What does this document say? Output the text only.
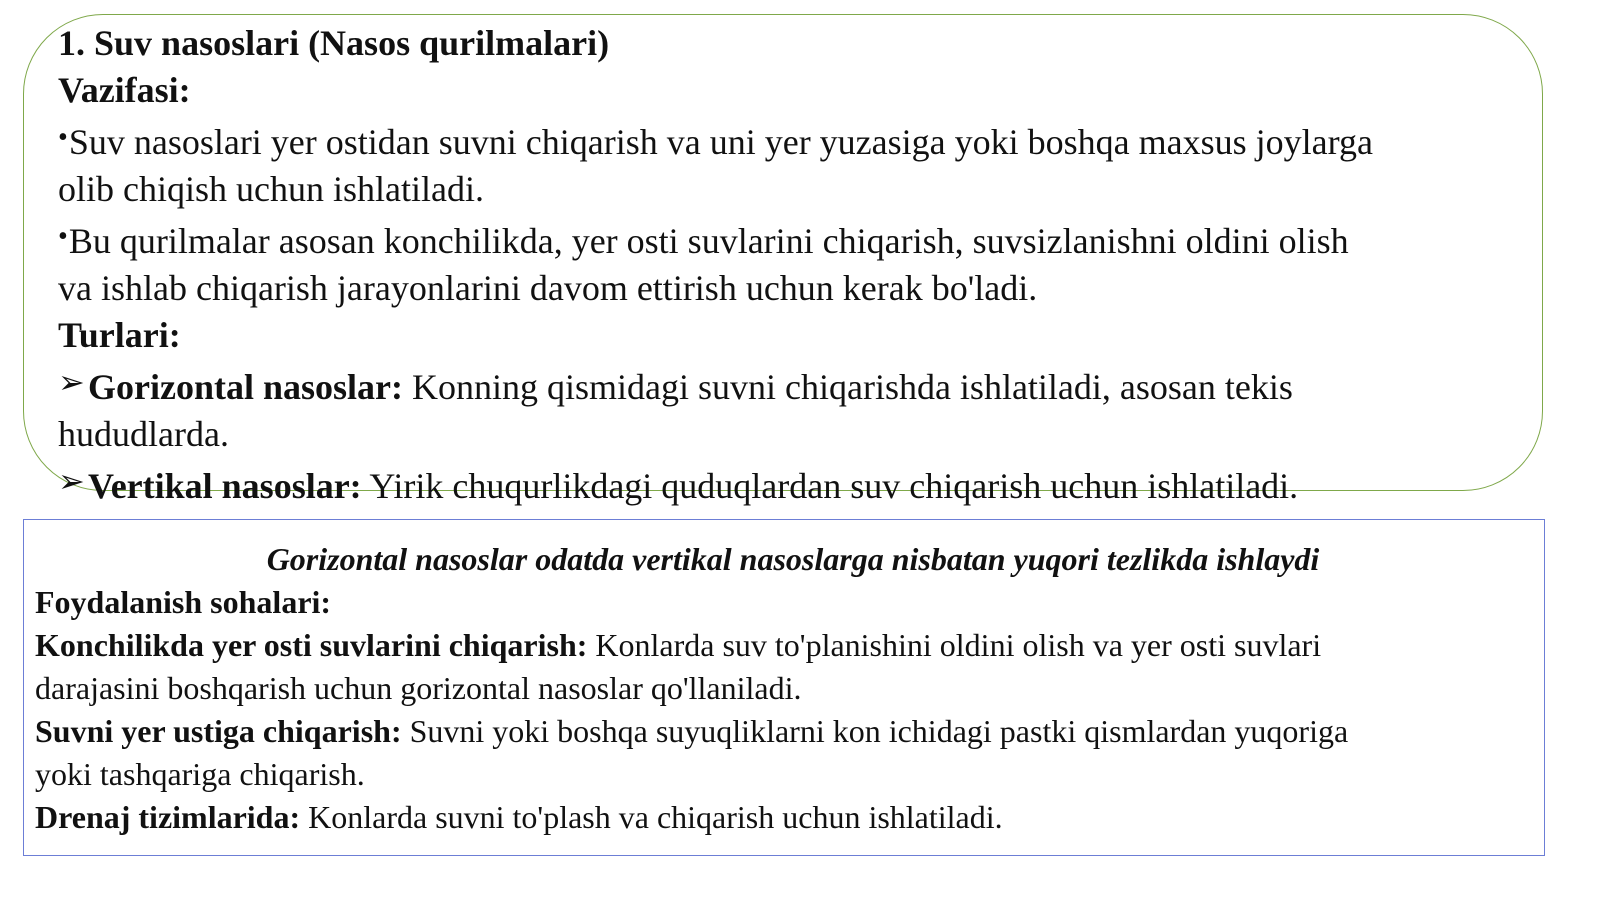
1. Suv nasoslari (Nasos qurilmalari)
Vazifasi:
•Suv nasoslari yer ostidan suvni chiqarish va uni yer yuzasiga yoki boshqa maxsus joylarga
olib chiqish uchun ishlatiladi.
•Bu qurilmalar asosan konchilikda, yer osti suvlarini chiqarish, suvsizlanishni oldini olish
va ishlab chiqarish jarayonlarini davom ettirish uchun kerak bo'ladi.
Turlari:
➢Gorizontal nasoslar: Konning qismidagi suvni chiqarishda ishlatiladi, asosan tekis
hududlarda.
➢Vertikal nasoslar: Yirik chuqurlikdagi quduqlardan suv chiqarish uchun ishlatiladi.
Gorizontal nasoslar odatda vertikal nasoslarga nisbatan yuqori tezlikda ishlaydi
Foydalanish sohalari:
Konchilikda yer osti suvlarini chiqarish: Konlarda suv to'planishini oldini olish va yer osti suvlari
darajasini boshqarish uchun gorizontal nasoslar qo'llaniladi.
Suvni yer ustiga chiqarish: Suvni yoki boshqa suyuqliklarni kon ichidagi pastki qismlardan yuqoriga
yoki tashqariga chiqarish.
Drenaj tizimlarida: Konlarda suvni to'plash va chiqarish uchun ishlatiladi.
